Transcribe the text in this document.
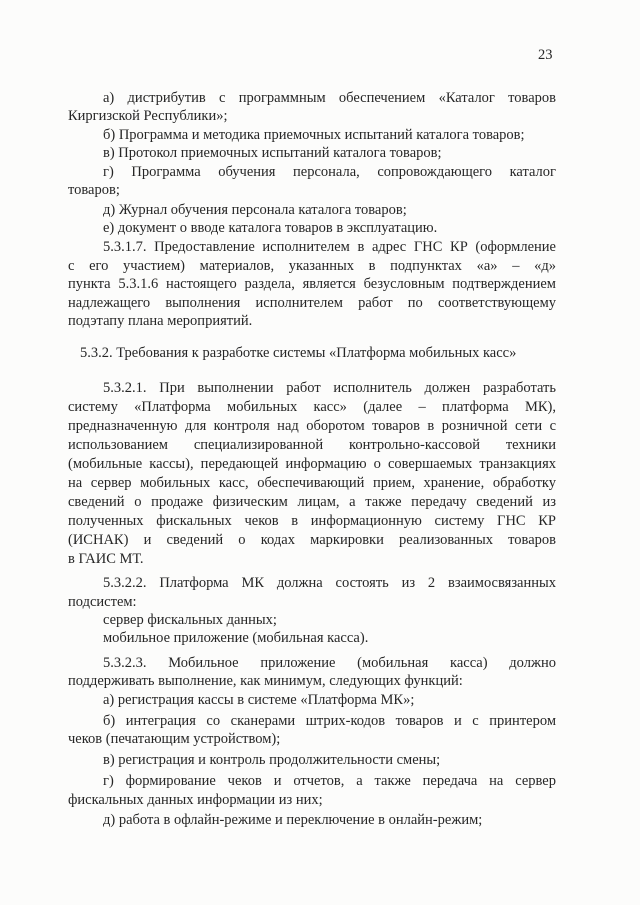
23
а) дистрибутив с программным обеспечением «Каталог товаров
Киргизской Республики»;
б) Программа и методика приемочных испытаний каталога товаров;
в) Протокол приемочных испытаний каталога товаров;
г) Программа обучения персонала, сопровождающего каталог
товаров;
д) Журнал обучения персонала каталога товаров;
е) документ о вводе каталога товаров в эксплуатацию.
5.3.1.7. Предоставление исполнителем в адрес ГНС КР (оформление
с его участием) материалов, указанных в подпунктах «а» – «д»
пункта 5.3.1.6 настоящего раздела, является безусловным подтверждением
надлежащего выполнения исполнителем работ по соответствующему
подэтапу плана мероприятий.
5.3.2. Требования к разработке системы «Платформа мобильных касс»
5.3.2.1. При выполнении работ исполнитель должен разработать
систему «Платформа мобильных касс» (далее – платформа МК),
предназначенную для контроля над оборотом товаров в розничной сети с
использованием специализированной контрольно-кассовой техники
(мобильные кассы), передающей информацию о совершаемых транзакциях
на сервер мобильных касс, обеспечивающий прием, хранение, обработку
сведений о продаже физическим лицам, а также передачу сведений из
полученных фискальных чеков в информационную систему ГНС КР
(ИСНАК) и сведений о кодах маркировки реализованных товаров
в ГАИС МТ.
5.3.2.2. Платформа МК должна состоять из 2 взаимосвязанных
подсистем:
сервер фискальных данных;
мобильное приложение (мобильная касса).
5.3.2.3. Мобильное приложение (мобильная касса) должно
поддерживать выполнение, как минимум, следующих функций:
а) регистрация кассы в системе «Платформа МК»;
б) интеграция со сканерами штрих-кодов товаров и с принтером
чеков (печатающим устройством);
в) регистрация и контроль продолжительности смены;
г) формирование чеков и отчетов, а также передача на сервер
фискальных данных информации из них;
д) работа в офлайн-режиме и переключение в онлайн-режим;
